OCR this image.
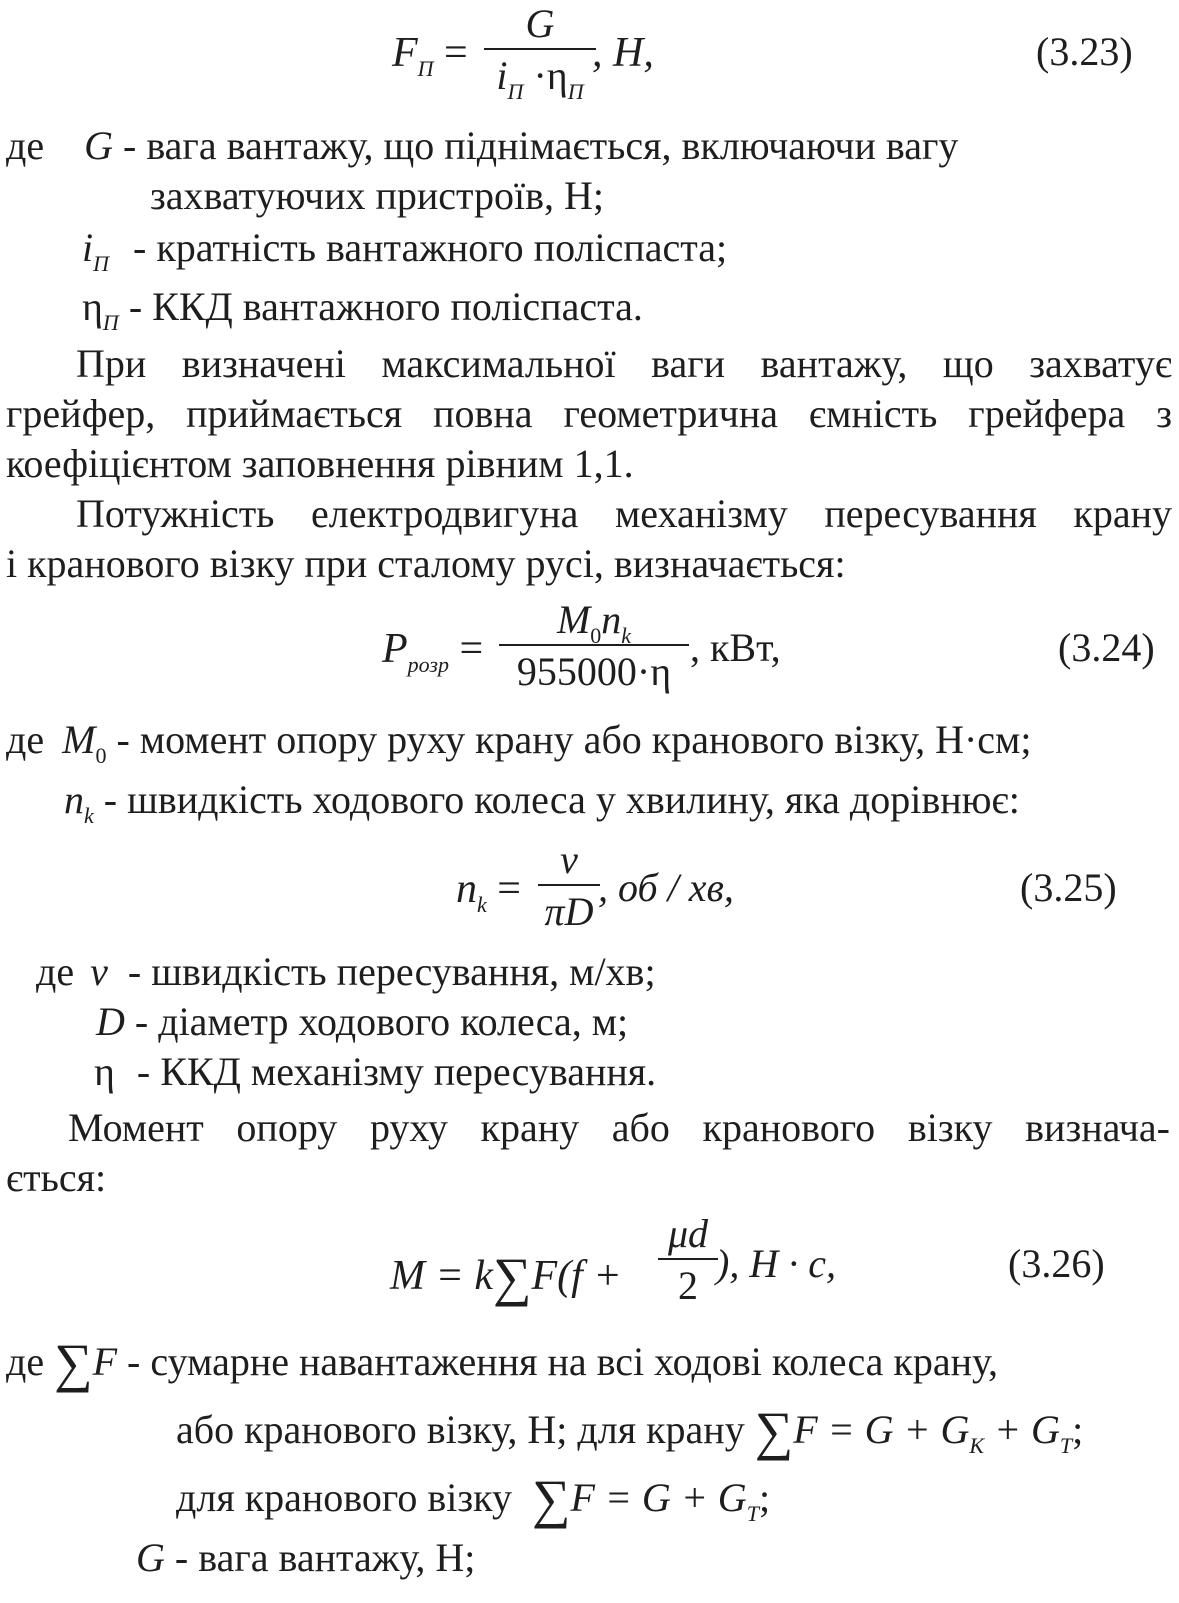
$F_П$ =
G
$i_П \cdot\eta_П$
, H,	(3.23)
де G - вага вантажу, що піднімається, включаючи вагу
захватуючих пристроїв, Н;
$i_П$ - кратність вантажного поліспаста;
$\eta_П$ - ККД вантажного поліспаста.
При визначені максимальної ваги вантажу, що захватує
грейфер, приймається повна геометрична ємність грейфера з
коефіцієнтом заповнення рівним 1,1.
Потужність електродвигуна механізму пересування крану
і кранового візку при сталому русі, визначається:
$P_{розр}$ =
$M_0n_k$
955000·η
, кВт,	(3.24)
де $M_0$ - момент опору руху крану або кранового візку, Н·см;
$n_k$ - швидкість ходового колеса у хвилину, яка дорівнює:
$n_k$ =
v
πD
, об / хв,	(3.25)
де v - швидкість пересування, м/хв;
D - діаметр ходового колеса, м;
η - ККД механізму пересування.
Момент опору руху крану або кранового візку визнача-
ється:
M = k∑F(f +
μd
2 ), H · c,	(3.26)
де ∑F - сумарне навантаження на всі ходові колеса крану,
або кранового візку, Н; для крану $\sum F = G + G_К + G_Т$;
для кранового візку $\sum F = G + G_Т$;
G - вага вантажу, Н;
